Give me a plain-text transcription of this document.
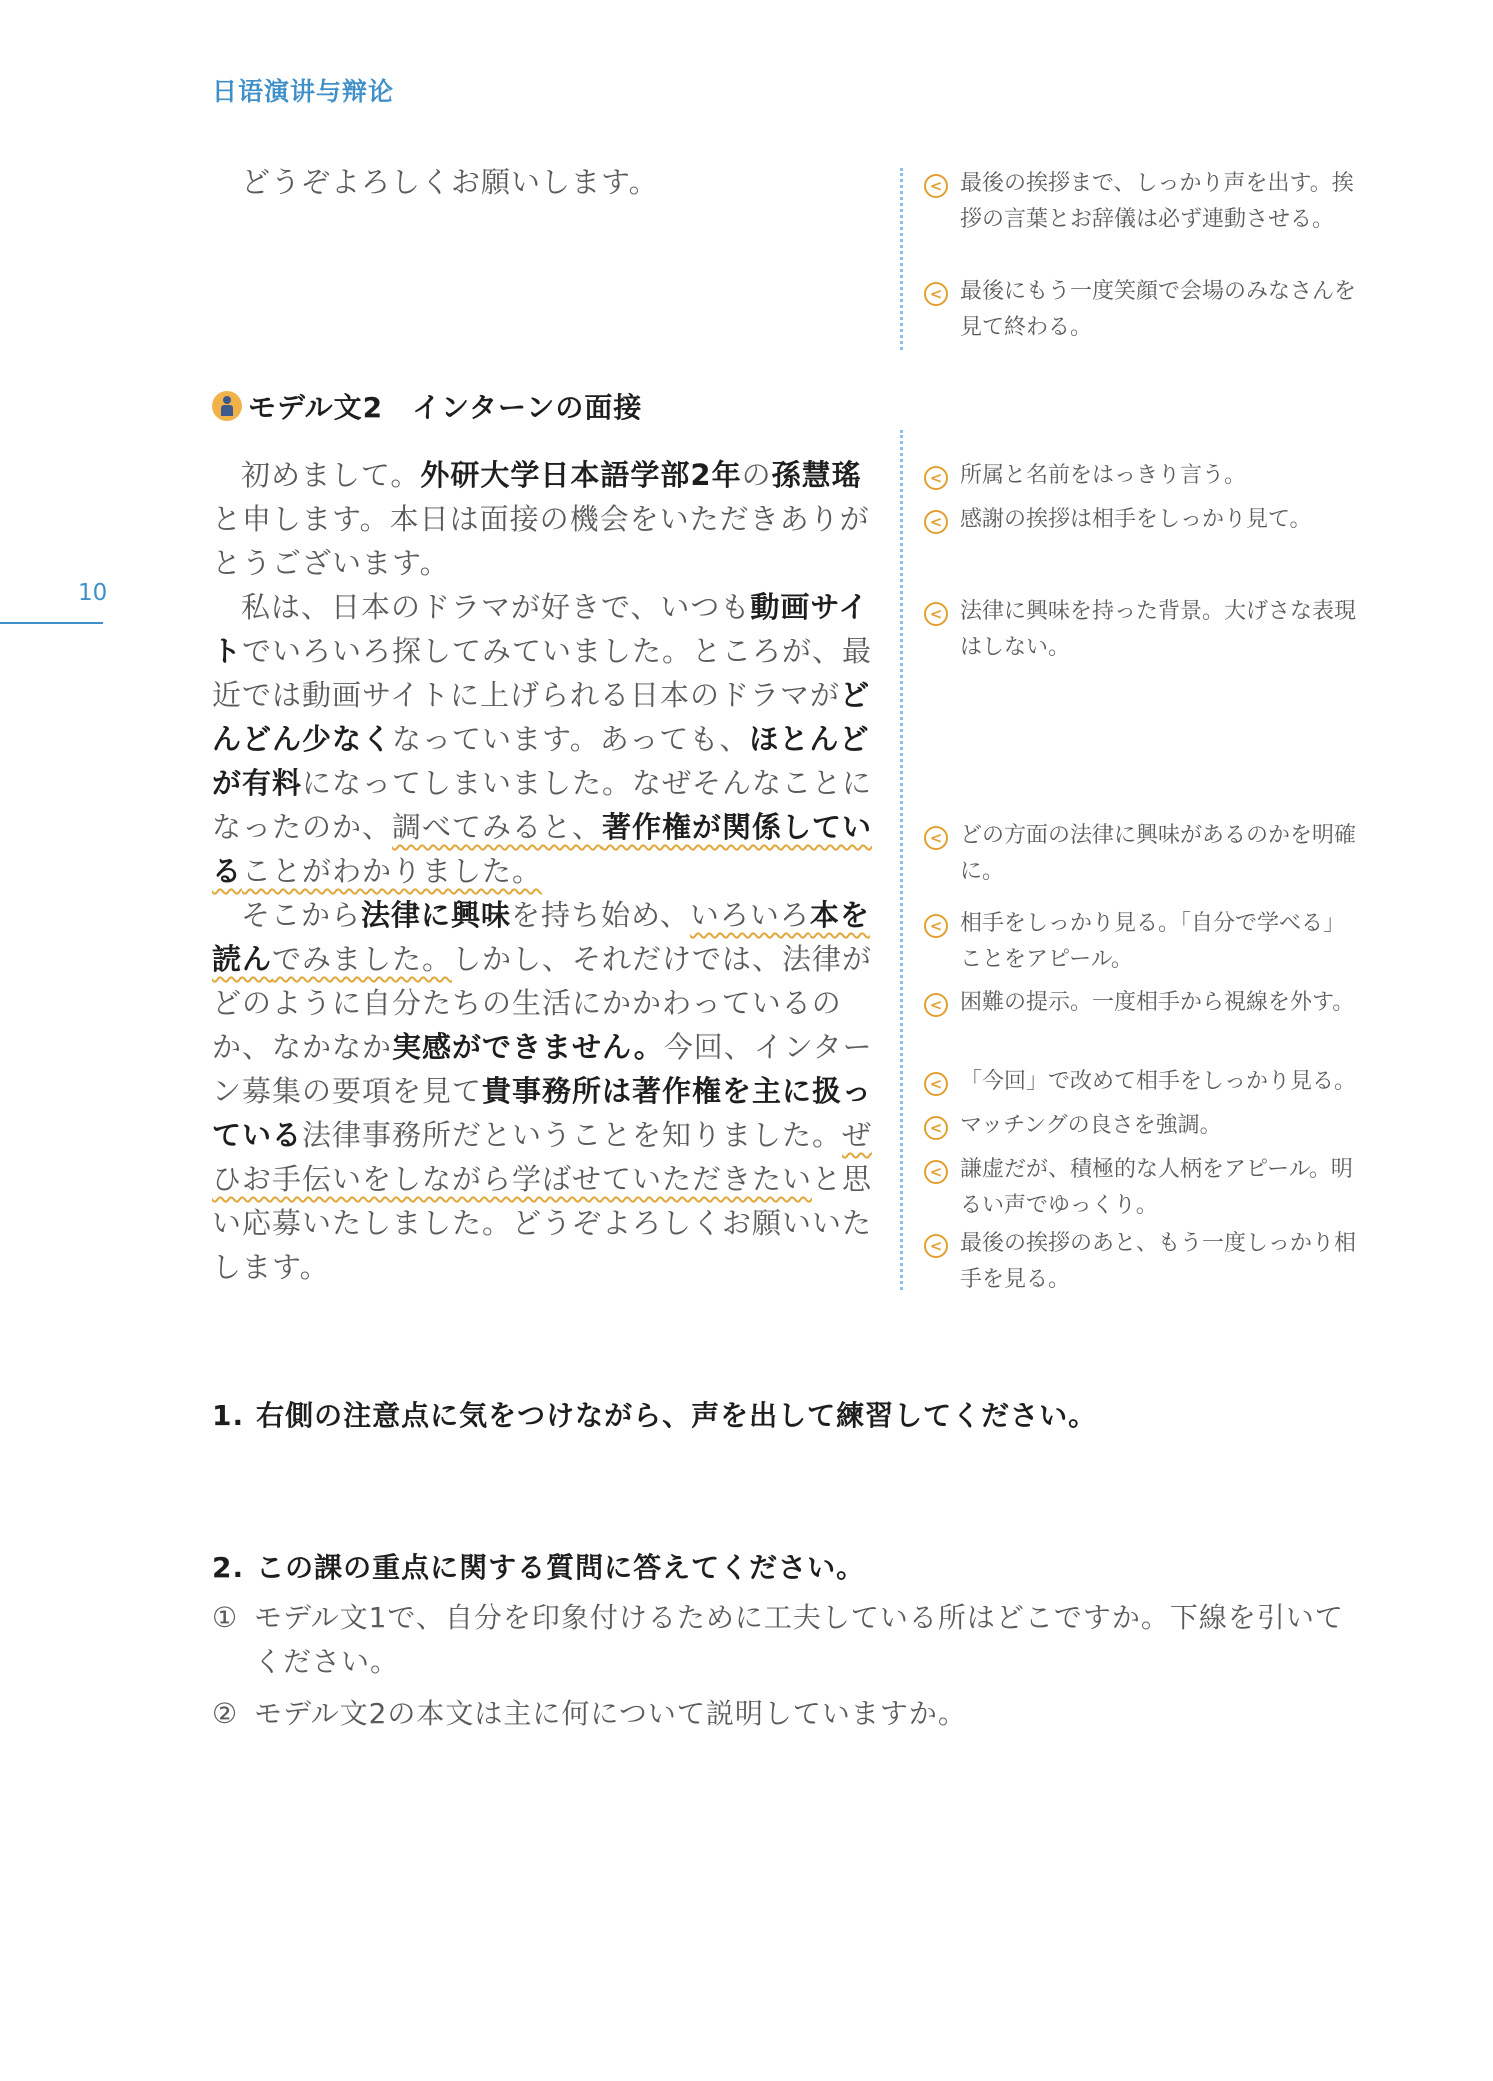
日语演讲与辩论
10
どうぞよろしくお願いします。	< 最後の挨拶まで、しっかり声を出す。挨拶の言葉とお辞儀は必ず連動させる。
< 最後にもう一度笑顔で会場のみなさんを見て終わる。
モデル文2　インターンの面接
初めまして。外研大学日本語学部2年の孫慧瑤と申します。本日は面接の機会をいただきありがとうございます。
私は、日本のドラマが好きで、いつも動画サイトでいろいろ探してみていました。ところが、最近では動画サイトに上げられる日本のドラマがどんどん少なくなっています。あっても、ほとんどが有料になってしまいました。なぜそんなことになったのか、調べてみると、著作権が関係していることがわかりました。
そこから法律に興味を持ち始め、いろいろ本を読んでみました。しかし、それだけでは、法律がどのように自分たちの生活にかかわっているのか、なかなか実感ができません。今回、インターン募集の要項を見て貴事務所は著作権を主に扱っている法律事務所だということを知りました。ぜひお手伝いをしながら学ばせていただきたいと思い応募いたしました。どうぞよろしくお願いいたします。
< 所属と名前をはっきり言う。
< 感謝の挨拶は相手をしっかり見て。
< 法律に興味を持った背景。大げさな表現はしない。
< どの方面の法律に興味があるのかを明確に。
< 相手をしっかり見る。「自分で学べる」ことをアピール。
< 困難の提示。一度相手から視線を外す。
< 「今回」で改めて相手をしっかり見る。
< マッチングの良さを強調。
< 謙虚だが、積極的な人柄をアピール。明るい声でゆっくり。
< 最後の挨拶のあと、もう一度しっかり相手を見る。
1. 右側の注意点に気をつけながら、声を出して練習してください。
2. この課の重点に関する質問に答えてください。
① モデル文1で、自分を印象付けるために工夫している所はどこですか。下線を引いてください。
② モデル文2の本文は主に何について説明していますか。
